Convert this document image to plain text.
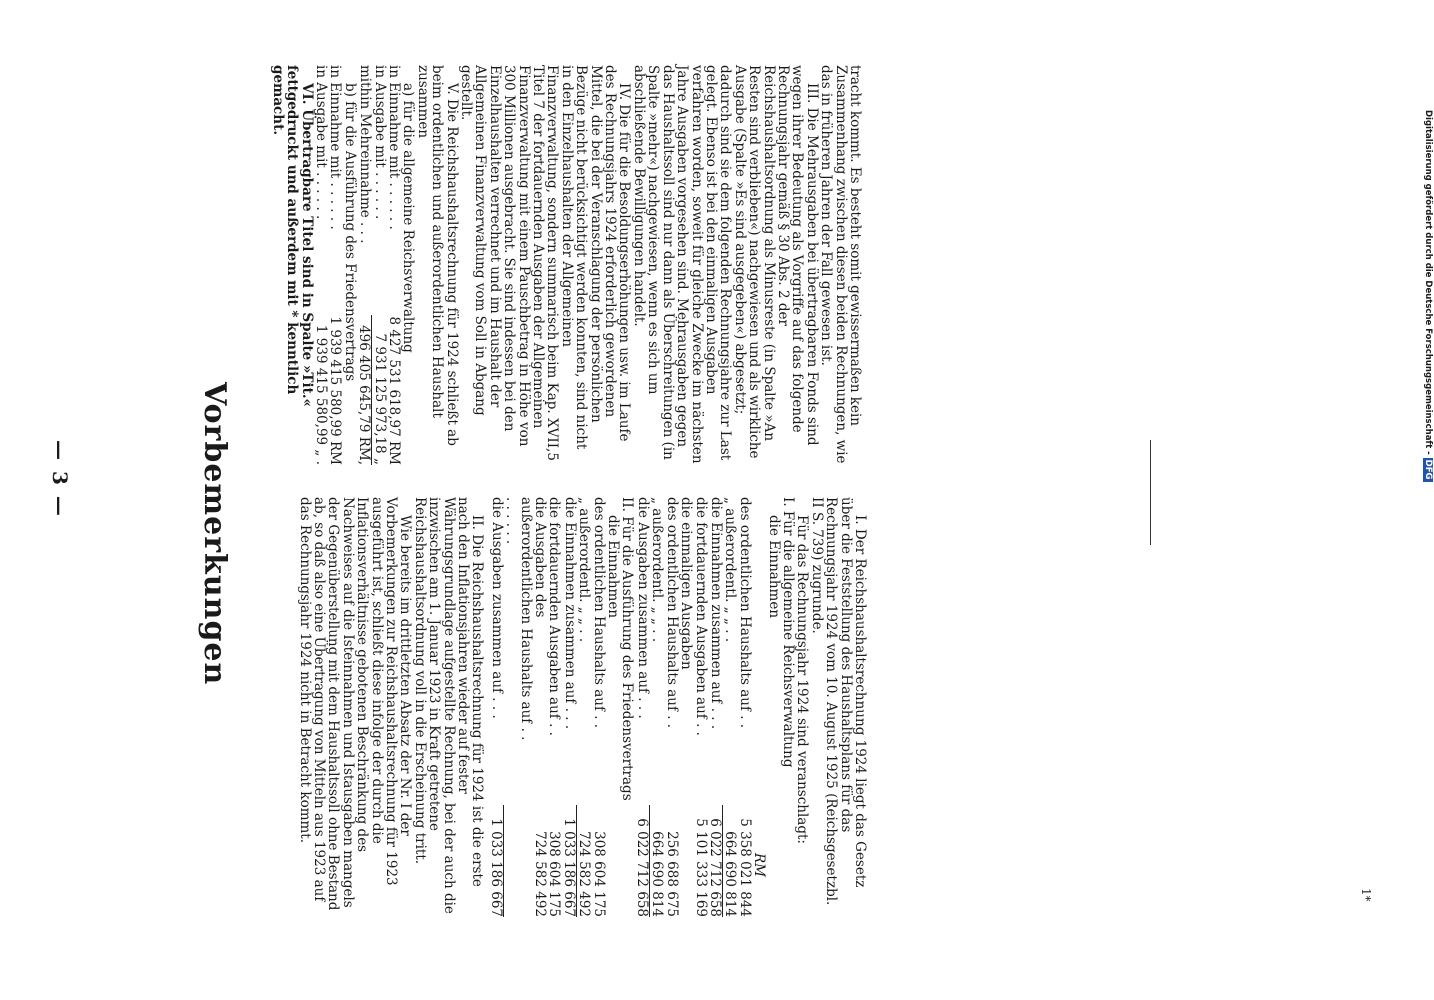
— 3 —	Vorbemerkungen	I. Der Reichshaushaltsrechnung 1924 liegt das Gesetz über die Feststellung des Haushaltsplans für das Rechnungsjahr 1924 vom 10. August 1925 (Reichsgesetzbl. II S. 739) zugrunde.

Für das Rechnungsjahr 1924 sind veranschlagt:

I. Für die allgemeine Reichsverwaltung

die Einnahmen

RM

des ordentlichen Haushalts auf . .
5 358 021 844
„ außerordentl. „ „ . .
664 690 814
die Einnahmen zusammen auf . . .
6 022 712 658
die fortdauernden Ausgaben auf . .
5 101 333 169

die einmaligen Ausgaben

des ordentlichen Haushalts auf . .
256 688 675
„ außerordentl. „ „ . .
664 690 814
die Ausgaben zusammen auf . . .
6 022 712 658

II. Für die Ausführung des Friedensvertrags

die Einnahmen

des ordentlichen Haushalts auf . .
308 604 175
„ außerordentl. „ „ . .
724 582 492
die Einnahmen zusammen auf . . .
1 033 186 667
die fortdauernden Ausgaben auf . .
308 604 175
die Ausgaben des außerordentlichen Haushalts auf . . . . . . . .
724 582 492
die Ausgaben zusammen auf . . .
1 033 186 667

II. Die Reichshaushaltsrechnung für 1924 ist die erste nach den Inflationsjahren wieder auf fester Währungsgrundlage aufgestellte Rechnung, bei der auch die inzwischen am 1. Januar 1923 in Kraft getretene Reichshaushaltsordnung voll in die Erscheinung tritt.

Wie bereits im drittletzten Absatz der Nr. I der Vorbemerkungen zur Reichshaushaltsrechnung für 1923 ausgeführt ist, schließt diese infolge der durch die Inflationsverhältnisse gebotenen Beschränkung des Nachweises auf die Isteinnahmen und Istausgaben mangels der Gegenüberstellung mit dem Haushaltssoll ohne Bestand ab, so daß also eine Übertragung von Mitteln aus 1923 auf das Rechnungsjahr 1924 nicht in Betracht kommt.

tracht kommt. Es besteht somit gewissermaßen kein Zusammenhang zwischen diesen beiden Rechnungen, wie das in früheren Jahren der Fall gewesen ist.

III. Die Mehrausgaben bei übertragbaren Fonds sind wegen ihrer Bedeutung als Vorgriffe auf das folgende Rechnungsjahr gemäß § 30 Abs. 2 der Reichshaushaltsordnung als Minusreste (in Spalte »An Resten sind verblieben«) nachgewiesen und als wirkliche Ausgabe (Spalte »Es sind ausgegeben«) abgesetzt; dadurch sind sie dem folgenden Rechnungsjahre zur Last gelegt. Ebenso ist bei den einmaligen Ausgaben verfahren worden, soweit für gleiche Zwecke im nächsten Jahre Ausgaben vorgesehen sind. Mehrausgaben gegen das Haushaltssoll sind nur dann als Überschreitungen (in Spalte »mehr«) nachgewiesen, wenn es sich um abschließende Bewilligungen handelt.

IV. Die für die Besoldungserhöhungen usw. im Laufe des Rechnungsjahrs 1924 erforderlich gewordenen Mittel, die bei der Veranschlagung der persönlichen Bezüge nicht berücksichtigt werden konnten, sind nicht in den Einzelhaushalten der Allgemeinen Finanzverwaltung, sondern summarisch beim Kap. XVII,5 Titel 7 der fortdauernden Ausgaben der Allgemeinen Finanzverwaltung mit einem Pauschbetrag in Höhe von 300 Millionen ausgebracht. Sie sind indessen bei den Einzelhaushalten verrechnet und im Haushalt der Allgemeinen Finanzverwaltung vom Soll in Abgang gestellt.

V. Die Reichshaushaltsrechnung für 1924 schließt ab beim ordentlichen und außerordentlichen Haushalt zusammen

a) für die allgemeine Reichsverwaltung

in Einnahme mit . . . . . .
8 427 531 618,97 RM
in Ausgabe mit . . . . . .
7 931 125 973,18 „
mithin Mehreinnahme . . .
496 405 645,79 RM,

b) für die Ausführung des Friedensvertrags

in Einnahme mit . . . . . .
1 939 415 580,99 RM
in Ausgabe mit . . . . . .
1 939 415 580,99 „ .

VI. Übertragbare Titel sind in Spalte »Tit.« fettgedruckt und außerdem mit * kenntlich gemacht.

1*
Digitalisierung gefördert durch die Deutsche Forschungsgemeinschaft - DFG
